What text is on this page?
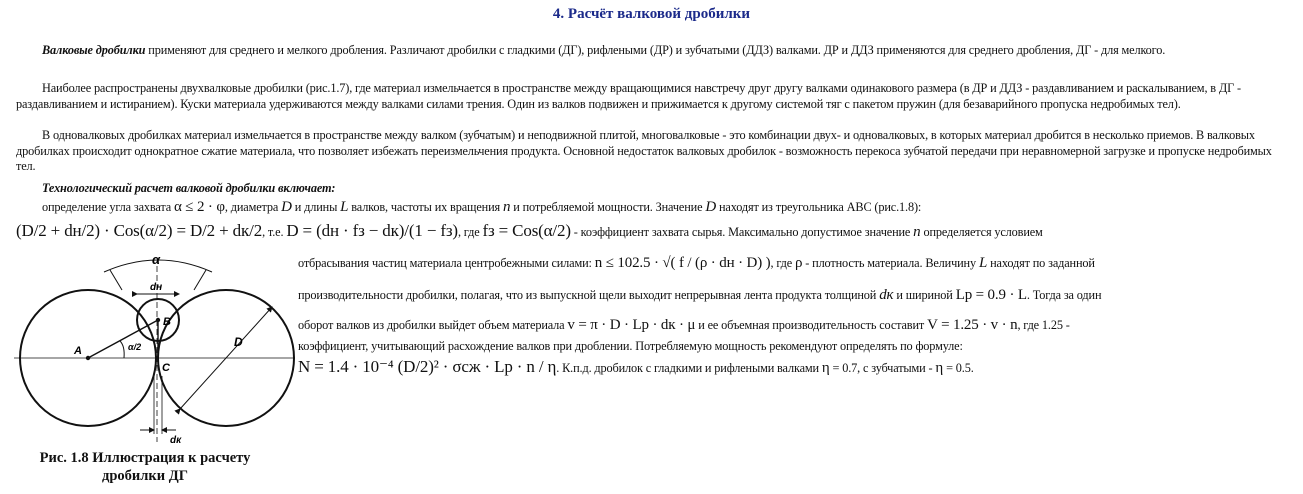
4. Расчёт валковой дробилки
Валковые дробилки применяют для среднего и мелкого дробления. Различают дробилки с гладкими (ДГ), рифлеными (ДР) и зубчатыми (ДДЗ) валками. ДР и ДДЗ применяются для среднего дробления, ДГ - для мелкого.
Наиболее распространены двухвалковые дробилки (рис.1.7), где материал измельчается в пространстве между вращающимися навстречу друг другу валками одинакового размера (в ДР и ДДЗ - раздавливанием и раскалыванием, в ДГ - раздавливанием и истиранием). Куски материала удерживаются между валками силами трения. Один из валков подвижен и прижимается к другому системой тяг с пакетом пружин (для безаварийного пропуска недробимых тел).
В одновалковых дробилках материал измельчается в пространстве между валком (зубчатым) и неподвижной плитой, многовалковые - это комбинации двух- и одновалковых, в которых материал дробится в несколько приемов. В валковых дробилках происходит однократное сжатие материала, что позволяет избежать переизмельчения продукта. Основной недостаток валковых дробилок - возможность перекоса зубчатой передачи при неравномерной загрузке и пропуске недробимых тел.
Технологический расчет валковой дробилки включает:
определение угла захвата α ≤ 2 · φ, диаметра D и длины L валков, частоты их вращения n и потребляемой мощности. Значение D находят из треугольника АВС (рис.1.8):
(D/2 + dн/2) · Cos(α/2) = D/2 + dк/2, т.е. D = (dн · fз − dк)/(1 − fз), где fз = Cos(α/2) - коэффициент захвата сырья. Максимально допустимое значение n определяется условием
отбрасывания частиц материала центробежными силами: n ≤ 102.5 · √( f / (ρ · dн · D) ), где ρ - плотность материала. Величину L находят по заданной
производительности дробилки, полагая, что из выпускной щели выходит непрерывная лента продукта толщиной dк и шириной Lр = 0.9 · L. Тогда за один
оборот валков из дробилки выйдет объем материала v = π · D · Lр · dк · μ и ее объемная производительность составит V = 1.25 · v · n, где 1.25 -
коэффициент, учитывающий расхождение валков при дроблении. Потребляемую мощность рекомендуют определять по формуле:
N = 1.4 · 10⁻⁴ (D/2)² · σсж · Lр · n / η. К.п.д. дробилок с гладкими и рифлеными валками η = 0.7, с зубчатыми - η = 0.5.
α
dн
B
A
C
α/2	D
dк
Рис. 1.8 Иллюстрация к расчету дробилки ДГ
